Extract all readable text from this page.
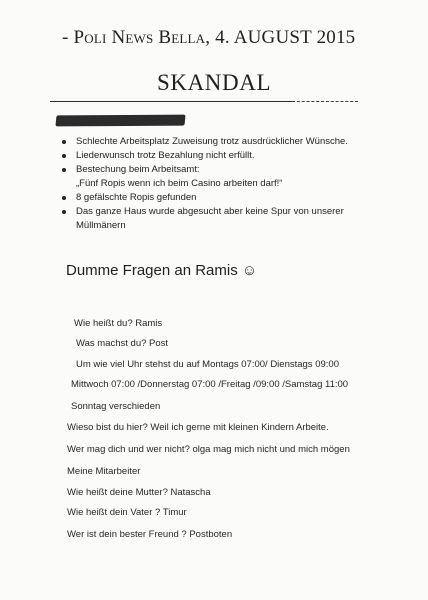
- Poli News Bella, 4. AUGUST 2015
SKANDAL
Schlechte Arbeitsplatz Zuweisung trotz ausdrücklicher Wünsche.
Liederwunsch trotz Bezahlung nicht erfüllt.
Bestechung beim Arbeitsamt:
„Fünf Ropis wenn ich beim Casino arbeiten darf!“
8 gefälschte Ropis gefunden
Das ganze Haus wurde abgesucht aber keine Spur von unserer
Müllmänern
Dumme Fragen an Ramis ☺
Wie heißt du? Ramis
Was machst du? Post
Um wie viel Uhr stehst du auf Montags 07:00/ Dienstags 09:00
Mittwoch 07:00 /Donnerstag 07:00 /Freitag /09:00 /Samstag 11:00
Sonntag verschieden
Wieso bist du hier? Weil ich gerne mit kleinen Kindern Arbeite.
Wer mag dich und wer nicht? olga mag mich nicht und mich mögen
Meine Mitarbeiter
Wie heißt deine Mutter? Natascha
Wie heißt dein Vater ? Timur
Wer ist dein bester Freund ? Postboten
